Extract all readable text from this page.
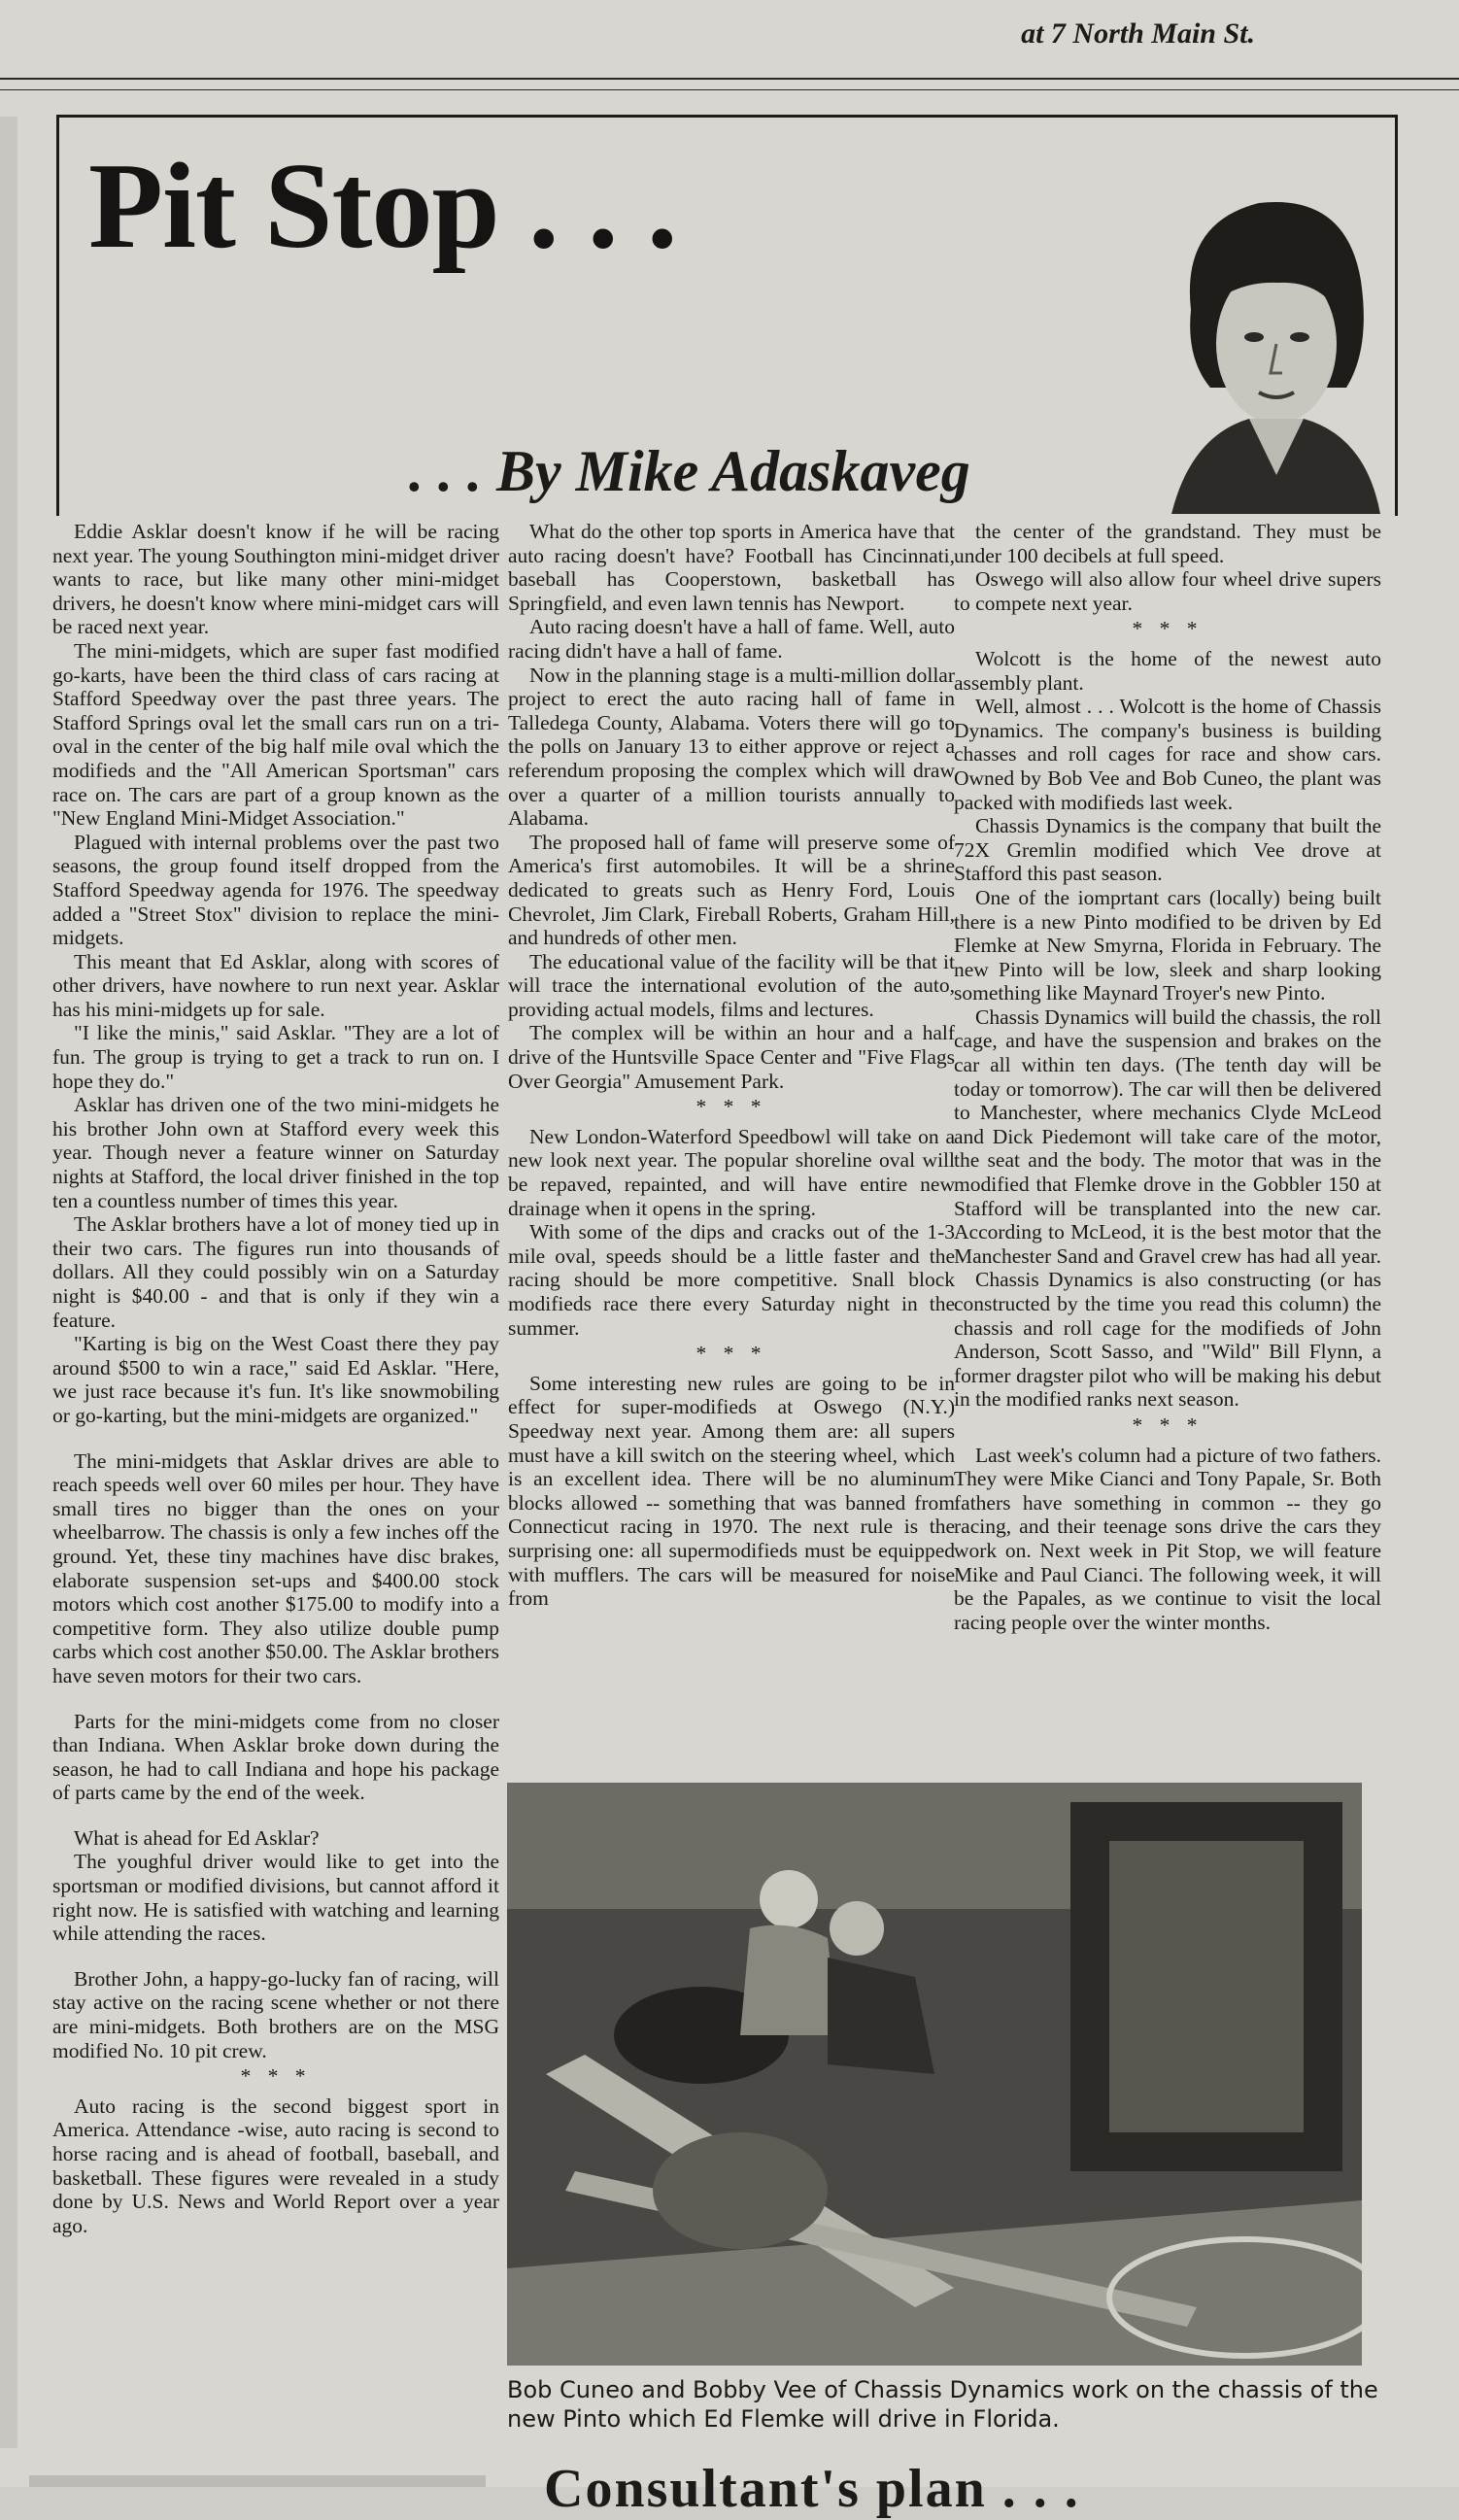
at 7 North Main St.
Pit Stop . . .
. . . By Mike Adaskaveg

Eddie Asklar doesn't know if he will be racing next year. The young Southington mini-midget driver wants to race, but like many other mini-midget drivers, he doesn't know where mini-midget cars will be raced next year.

The mini-midgets, which are super fast modified go-karts, have been the third class of cars racing at Stafford Speedway over the past three years. The Stafford Springs oval let the small cars run on a tri-oval in the center of the big half mile oval which the modifieds and the "All American Sportsman" cars race on. The cars are part of a group known as the "New England Mini-Midget Association."

Plagued with internal problems over the past two seasons, the group found itself dropped from the Stafford Speedway agenda for 1976. The speedway added a "Street Stox" division to replace the mini-midgets.

This meant that Ed Asklar, along with scores of other drivers, have nowhere to run next year. Asklar has his mini-midgets up for sale.

"I like the minis," said Asklar. "They are a lot of fun. The group is trying to get a track to run on. I hope they do."

Asklar has driven one of the two mini-midgets he his brother John own at Stafford every week this year. Though never a feature winner on Saturday nights at Stafford, the local driver finished in the top ten a countless number of times this year.

The Asklar brothers have a lot of money tied up in their two cars. The figures run into thousands of dollars. All they could possibly win on a Saturday night is $40.00 - and that is only if they win a feature.

"Karting is big on the West Coast there they pay around $500 to win a race," said Ed Asklar. "Here, we just race because it's fun. It's like snowmobiling or go-karting, but the mini-midgets are organized."

The mini-midgets that Asklar drives are able to reach speeds well over 60 miles per hour. They have small tires no bigger than the ones on your wheelbarrow. The chassis is only a few inches off the ground. Yet, these tiny machines have disc brakes, elaborate suspension set-ups and $400.00 stock motors which cost another $175.00 to modify into a competitive form. They also utilize double pump carbs which cost another $50.00. The Asklar brothers have seven motors for their two cars.

Parts for the mini-midgets come from no closer than Indiana. When Asklar broke down during the season, he had to call Indiana and hope his package of parts came by the end of the week.

What is ahead for Ed Asklar?

The youghful driver would like to get into the sportsman or modified divisions, but cannot afford it right now. He is satisfied with watching and learning while attending the races.

Brother John, a happy-go-lucky fan of racing, will stay active on the racing scene whether or not there are mini-midgets. Both brothers are on the MSG modified No. 10 pit crew.

* * *

Auto racing is the second biggest sport in America. Attendance -wise, auto racing is second to horse racing and is ahead of football, baseball, and basketball. These figures were revealed in a study done by U.S. News and World Report over a year ago.

What do the other top sports in America have that auto racing doesn't have? Football has Cincinnati, baseball has Cooperstown, basketball has Springfield, and even lawn tennis has Newport.

Auto racing doesn't have a hall of fame. Well, auto racing didn't have a hall of fame.

Now in the planning stage is a multi-million dollar project to erect the auto racing hall of fame in Talledega County, Alabama. Voters there will go to the polls on January 13 to either approve or reject a referendum proposing the complex which will draw over a quarter of a million tourists annually to Alabama.

The proposed hall of fame will preserve some of America's first automobiles. It will be a shrine dedicated to greats such as Henry Ford, Louis Chevrolet, Jim Clark, Fireball Roberts, Graham Hill, and hundreds of other men.

The educational value of the facility will be that it will trace the international evolution of the auto, providing actual models, films and lectures.

The complex will be within an hour and a half drive of the Huntsville Space Center and "Five Flags Over Georgia" Amusement Park.

* * *

New London-Waterford Speedbowl will take on a new look next year. The popular shoreline oval will be repaved, repainted, and will have entire new drainage when it opens in the spring.

With some of the dips and cracks out of the 1-3 mile oval, speeds should be a little faster and the racing should be more competitive. Snall block modifieds race there every Saturday night in the summer.

* * *

Some interesting new rules are going to be in effect for super-modifieds at Oswego (N.Y.) Speedway next year. Among them are: all supers must have a kill switch on the steering wheel, which is an excellent idea. There will be no aluminum blocks allowed -- something that was banned from Connecticut racing in 1970. The next rule is the surprising one: all supermodifieds must be equipped with mufflers. The cars will be measured for noise from

the center of the grandstand. They must be under 100 decibels at full speed.

Oswego will also allow four wheel drive supers to compete next year.

* * *

Wolcott is the home of the newest auto assembly plant.

Well, almost . . . Wolcott is the home of Chassis Dynamics. The company's business is building chasses and roll cages for race and show cars. Owned by Bob Vee and Bob Cuneo, the plant was packed with modifieds last week.

Chassis Dynamics is the company that built the 72X Gremlin modified which Vee drove at Stafford this past season.

One of the iomprtant cars (locally) being built there is a new Pinto modified to be driven by Ed Flemke at New Smyrna, Florida in February. The new Pinto will be low, sleek and sharp looking something like Maynard Troyer's new Pinto.

Chassis Dynamics will build the chassis, the roll cage, and have the suspension and brakes on the car all within ten days. (The tenth day will be today or tomorrow). The car will then be delivered to Manchester, where mechanics Clyde McLeod and Dick Piedemont will take care of the motor, the seat and the body. The motor that was in the modified that Flemke drove in the Gobbler 150 at Stafford will be transplanted into the new car. According to McLeod, it is the best motor that the Manchester Sand and Gravel crew has had all year.

Chassis Dynamics is also constructing (or has constructed by the time you read this column) the chassis and roll cage for the modifieds of John Anderson, Scott Sasso, and "Wild" Bill Flynn, a former dragster pilot who will be making his debut in the modified ranks next season.

* * *

Last week's column had a picture of two fathers. They were Mike Cianci and Tony Papale, Sr. Both fathers have something in common -- they go racing, and their teenage sons drive the cars they work on. Next week in Pit Stop, we will feature Mike and Paul Cianci. The following week, it will be the Papales, as we continue to visit the local racing people over the winter months.

Bob Cuneo and Bobby Vee of Chassis Dynamics work on the chassis of the new Pinto which Ed Flemke will drive in Florida.
Consultant's plan . . .
